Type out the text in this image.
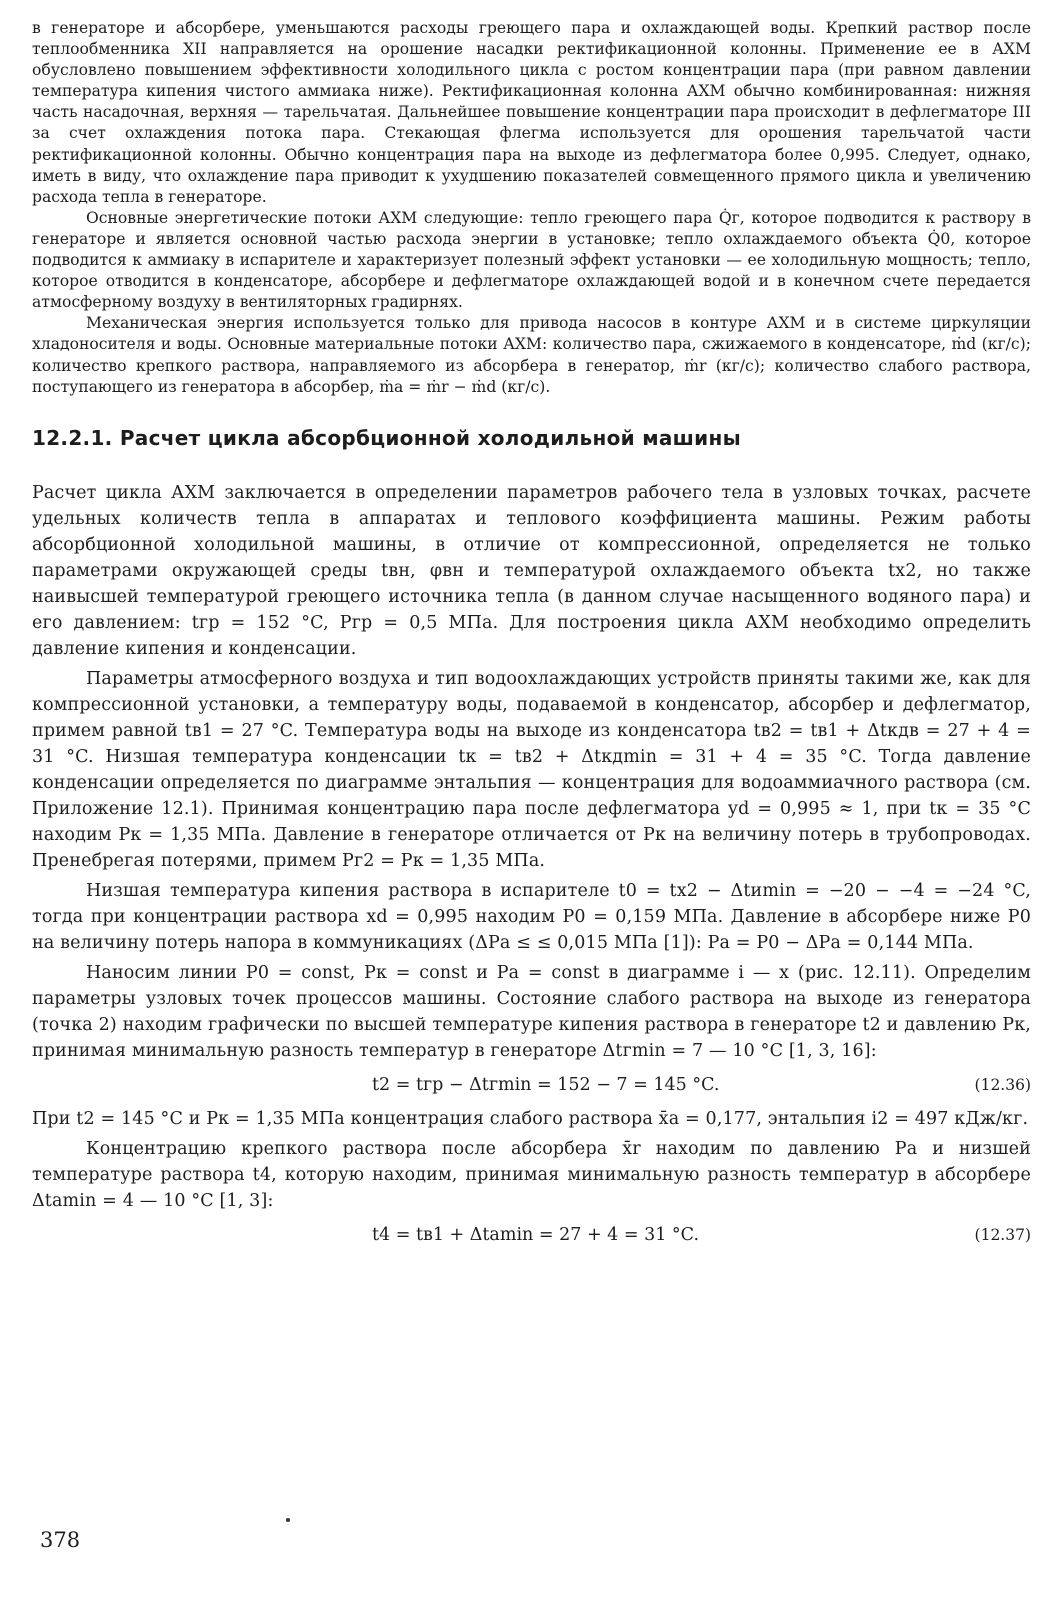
в генераторе и абсорбере, уменьшаются расходы греющего пара и охлаждающей воды. Крепкий раствор после теплообменника XII направляется на орошение насадки ректификационной колонны. Применение ее в АХМ обусловлено повышением эффективности холодильного цикла с ростом концентрации пара (при равном давлении температура кипения чистого аммиака ниже). Ректификационная колонна АХМ обычно комбинированная: нижняя часть насадочная, верхняя — тарельчатая. Дальнейшее повышение концентрации пара происходит в дефлегматоре III за счет охлаждения потока пара. Стекающая флегма используется для орошения тарельчатой части ректификационной колонны. Обычно концентрация пара на выходе из дефлегматора более 0,995. Следует, однако, иметь в виду, что охлаждение пара приводит к ухудшению показателей совмещенного прямого цикла и увеличению расхода тепла в генераторе.

Основные энергетические потоки АХМ следующие: тепло греющего пара Q̇г, которое подводится к раствору в генераторе и является основной частью расхода энергии в установке; тепло охлаждаемого объекта Q̇0, которое подводится к аммиаку в испарителе и характеризует полезный эффект установки — ее холодильную мощность; тепло, которое отводится в конденсаторе, абсорбере и дефлегматоре охлаждающей водой и в конечном счете передается атмосферному воздуху в вентиляторных градирнях.

Механическая энергия используется только для привода насосов в контуре АХМ и в системе циркуляции хладоносителя и воды. Основные материальные потоки АХМ: количество пара, сжижаемого в конденсаторе, ṁd (кг/с); количество крепкого раствора, направляемого из абсорбера в генератор, ṁr (кг/с); количество слабого раствора, поступающего из генератора в абсорбер, ṁa = ṁr − ṁd (кг/с).

12.2.1. Расчет цикла абсорбционной холодильной машины

Расчет цикла АХМ заключается в определении параметров рабочего тела в узловых точках, расчете удельных количеств тепла в аппаратах и теплового коэффициента машины. Режим работы абсорбционной холодильной машины, в отличие от компрессионной, определяется не только параметрами окружающей среды tвн, φвн и температурой охлаждаемого объекта tх2, но также наивысшей температурой греющего источника тепла (в данном случае насыщенного водяного пара) и его давлением: tгр = 152 °C, Pгр = 0,5 МПа. Для построения цикла АХМ необходимо определить давление кипения и конденсации.

Параметры атмосферного воздуха и тип водоохлаждающих устройств приняты такими же, как для компрессионной установки, а температуру воды, подаваемой в конденсатор, абсорбер и дефлегматор, примем равной tв1 = 27 °C. Температура воды на выходе из конденсатора tв2 = tв1 + Δtкдв = 27 + 4 = 31 °C. Низшая температура конденсации tк = tв2 + Δtкдmin = 31 + 4 = 35 °C. Тогда давление конденсации определяется по диаграмме энтальпия — концентрация для водоаммиачного раствора (см. Приложение 12.1). Принимая концентрацию пара после дефлегматора yd = 0,995 ≈ 1, при tк = 35 °C находим Pк = 1,35 МПа. Давление в генераторе отличается от Pк на величину потерь в трубопроводах. Пренебрегая потерями, примем Pг2 = Pк = 1,35 МПа.

Низшая температура кипения раствора в испарителе t0 = tх2 − Δtиmin = −20 − −4 = −24 °C, тогда при концентрации раствора xd = 0,995 находим P0 = 0,159 МПа. Давление в абсорбере ниже P0 на величину потерь напора в коммуникациях (ΔPа ≤ ≤ 0,015 МПа [1]): Pа = P0 − ΔPа = 0,144 МПа.

Наносим линии P0 = const, Pк = const и Pа = const в диаграмме i — x (рис. 12.11). Определим параметры узловых точек процессов машины. Состояние слабого раствора на выходе из генератора (точка 2) находим графически по высшей температуре кипения раствора в генераторе t2 и давлению Pк, принимая минимальную разность температур в генераторе Δtгmin = 7 — 10 °C [1, 3, 16]:

t2 = tгр − Δtгmin = 152 − 7 = 145 °C.	(12.36)

При t2 = 145 °C и Pк = 1,35 МПа концентрация слабого раствора x̄а = 0,177, энтальпия i2 = 497 кДж/кг.

Концентрацию крепкого раствора после абсорбера x̄r находим по давлению Pа и низшей температуре раствора t4, которую находим, принимая минимальную разность температур в абсорбере Δtаmin = 4 — 10 °C [1, 3]:

t4 = tв1 + Δtаmin = 27 + 4 = 31 °C.	(12.37)
378
